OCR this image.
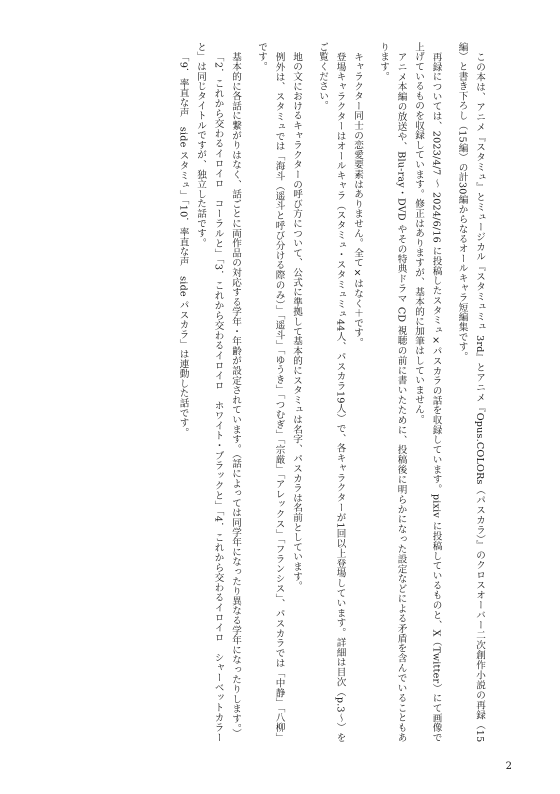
この本は、アニメ『スタミュ』とミュージカル『スタミュミュ 3rd』とアニメ『Opus.COLORs（パスカラ）』のクロスオーバー二次創作小説の再録（15編）と書き下ろし（15編）の計30編からなるオールキャラ短編集です。

再録については、2023/4/7 ～ 2024/6/16 に投稿したスタミュ×パスカラの話を収録しています。pixiv に投稿しているものと、X（Twitter）にて画像で上げているものを収録しています。修正はありますが、基本的に加筆はしていません。

アニメ本編の放送や、Blu-ray・DVD やその特典ドラマ CD 視聴の前に書いたために、投稿後に明らかになった設定などによる矛盾を含んでいることもあります。

キャラクター同士の恋愛要素はありません。全て×はなく＋です。

登場キャラクターはオールキャラ（スタミュ・スタミュミュ44人、パスカラ19人）で、各キャラクターが1回以上登場しています。詳細は目次（p.3～）をご覧ください。

地の文におけるキャラクターの呼び方について、公式に準拠して基本的にスタミュは名字、パスカラは名前としています。

例外は、スタミュでは「海斗（遥斗と呼び分ける際のみ）」「遥斗」「ゆうき」「つむぎ」「宗厳」「アレックス」「フランシス」、パスカラでは「中静」「八柳」です。

基本的に各話に繋がりはなく、話ごとに両作品の対応する学年・年齢が設定されています。（話によっては同学年になったり異なる学年になったりします。）

「2．これから交わるイロイロ　コーラルと」「3．これから交わるイロイロ　ホワイト・ブラックと」「4．これから交わるイロイロ　シャーベットカラーと」は同じタイトルですが、独立した話です。

「9．率直な声　side スタミュ」「10．率直な声　side パスカラ」は連動した話です。

2
